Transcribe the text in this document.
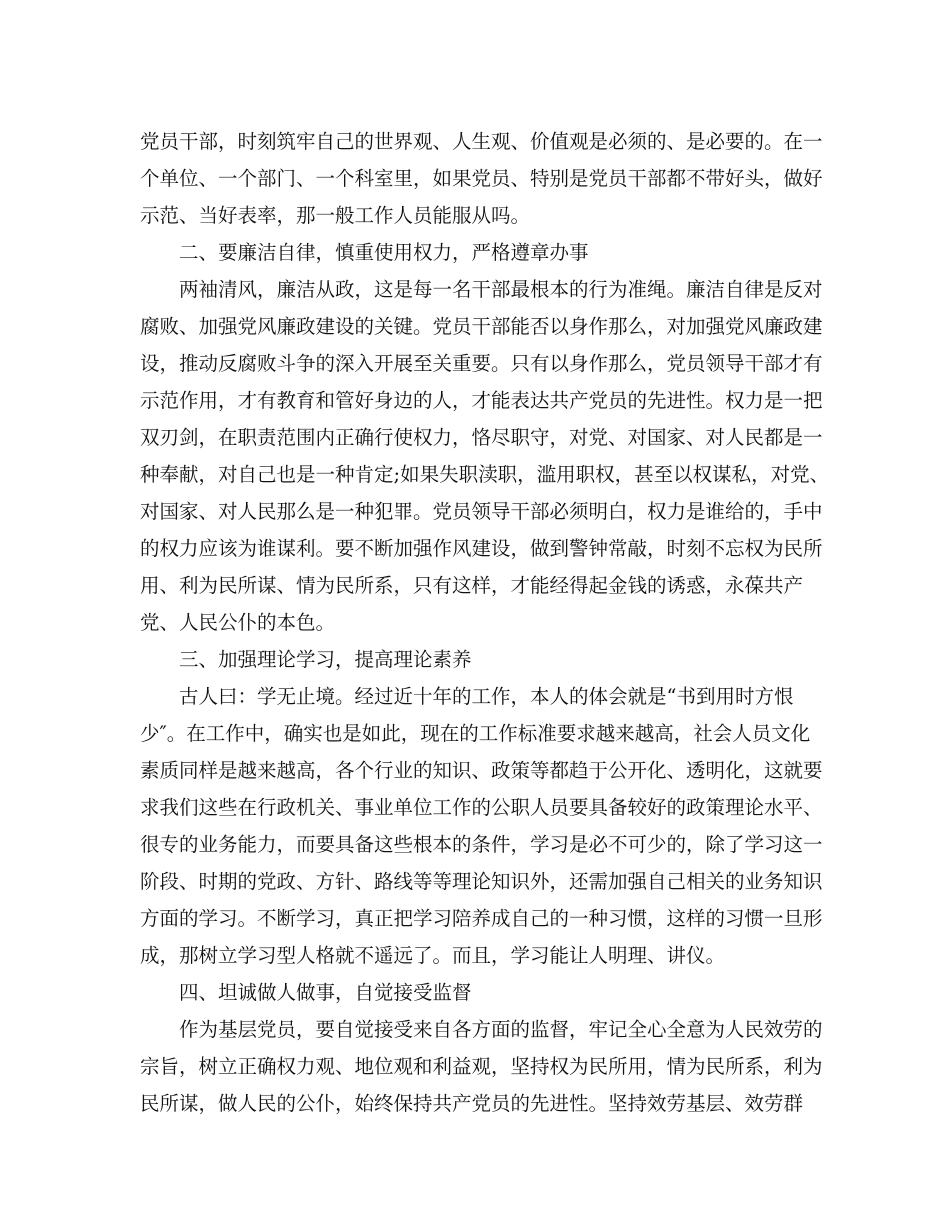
党员干部，时刻筑牢自己的世界观、人生观、价值观是必须的、是必要的。在一
个单位、一个部门、一个科室里，如果党员、特别是党员干部都不带好头，做好
示范、当好表率，那一般工作人员能服从吗。
二、要廉洁自律，慎重使用权力，严格遵章办事
两袖清风，廉洁从政，这是每一名干部最根本的行为准绳。廉洁自律是反对
腐败、加强党风廉政建设的关键。党员干部能否以身作那么，对加强党风廉政建
设，推动反腐败斗争的深入开展至关重要。只有以身作那么，党员领导干部才有
示范作用，才有教育和管好身边的人，才能表达共产党员的先进性。权力是一把
双刃剑，在职责范围内正确行使权力，恪尽职守，对党、对国家、对人民都是一
种奉献，对自己也是一种肯定;如果失职渎职，滥用职权，甚至以权谋私，对党、
对国家、对人民那么是一种犯罪。党员领导干部必须明白，权力是谁给的，手中
的权力应该为谁谋利。要不断加强作风建设，做到警钟常敲，时刻不忘权为民所
用、利为民所谋、情为民所系，只有这样，才能经得起金钱的诱惑，永葆共产
党、人民公仆的本色。
三、加强理论学习，提高理论素养
古人曰：学无止境。经过近十年的工作，本人的体会就是“书到用时方恨
少″。在工作中，确实也是如此，现在的工作标准要求越来越高，社会人员文化
素质同样是越来越高，各个行业的知识、政策等都趋于公开化、透明化，这就要
求我们这些在行政机关、事业单位工作的公职人员要具备较好的政策理论水平、
很专的业务能力，而要具备这些根本的条件，学习是必不可少的，除了学习这一
阶段、时期的党政、方针、路线等等理论知识外，还需加强自己相关的业务知识
方面的学习。不断学习，真正把学习陪养成自己的一种习惯，这样的习惯一旦形
成，那树立学习型人格就不遥远了。而且，学习能让人明理、讲仪。
四、坦诚做人做事，自觉接受监督
作为基层党员，要自觉接受来自各方面的监督，牢记全心全意为人民效劳的
宗旨，树立正确权力观、地位观和利益观，坚持权为民所用，情为民所系，利为
民所谋，做人民的公仆，始终保持共产党员的先进性。坚持效劳基层、效劳群
